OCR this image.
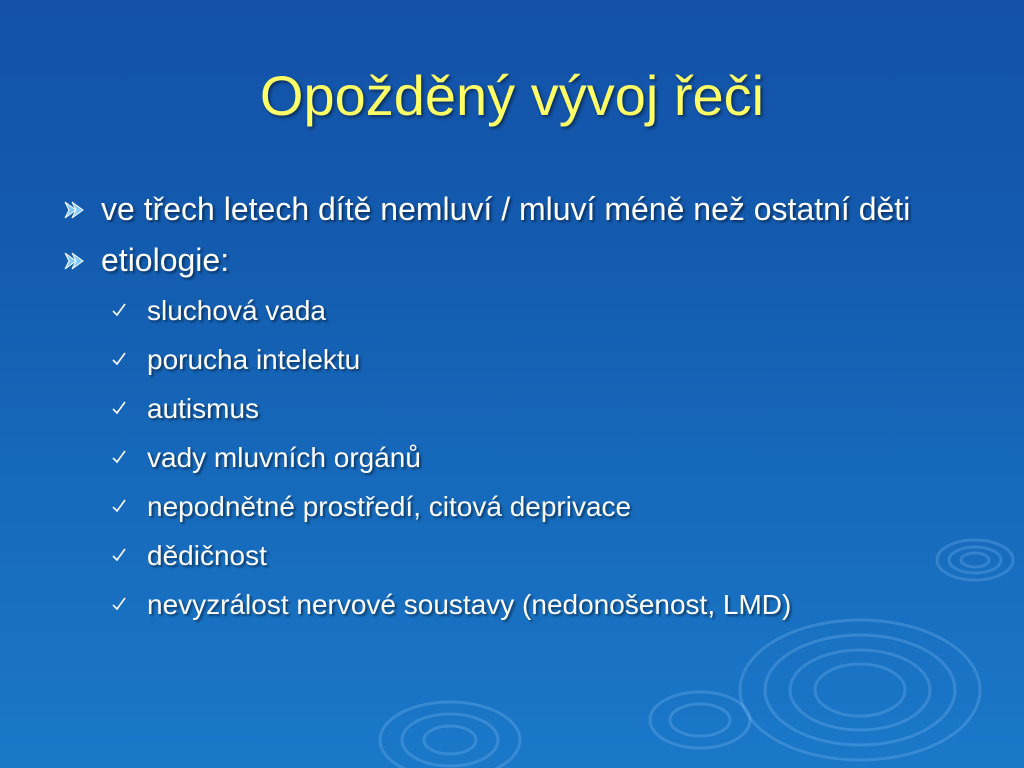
Opožděný vývoj řeči
ve třech letech dítě nemluví / mluví méně než ostatní děti
etiologie:
sluchová vada
porucha intelektu
autismus
vady mluvních orgánů
nepodnětné prostředí, citová deprivace
dědičnost
nevyzrálost nervové soustavy (nedonošenost, LMD)
